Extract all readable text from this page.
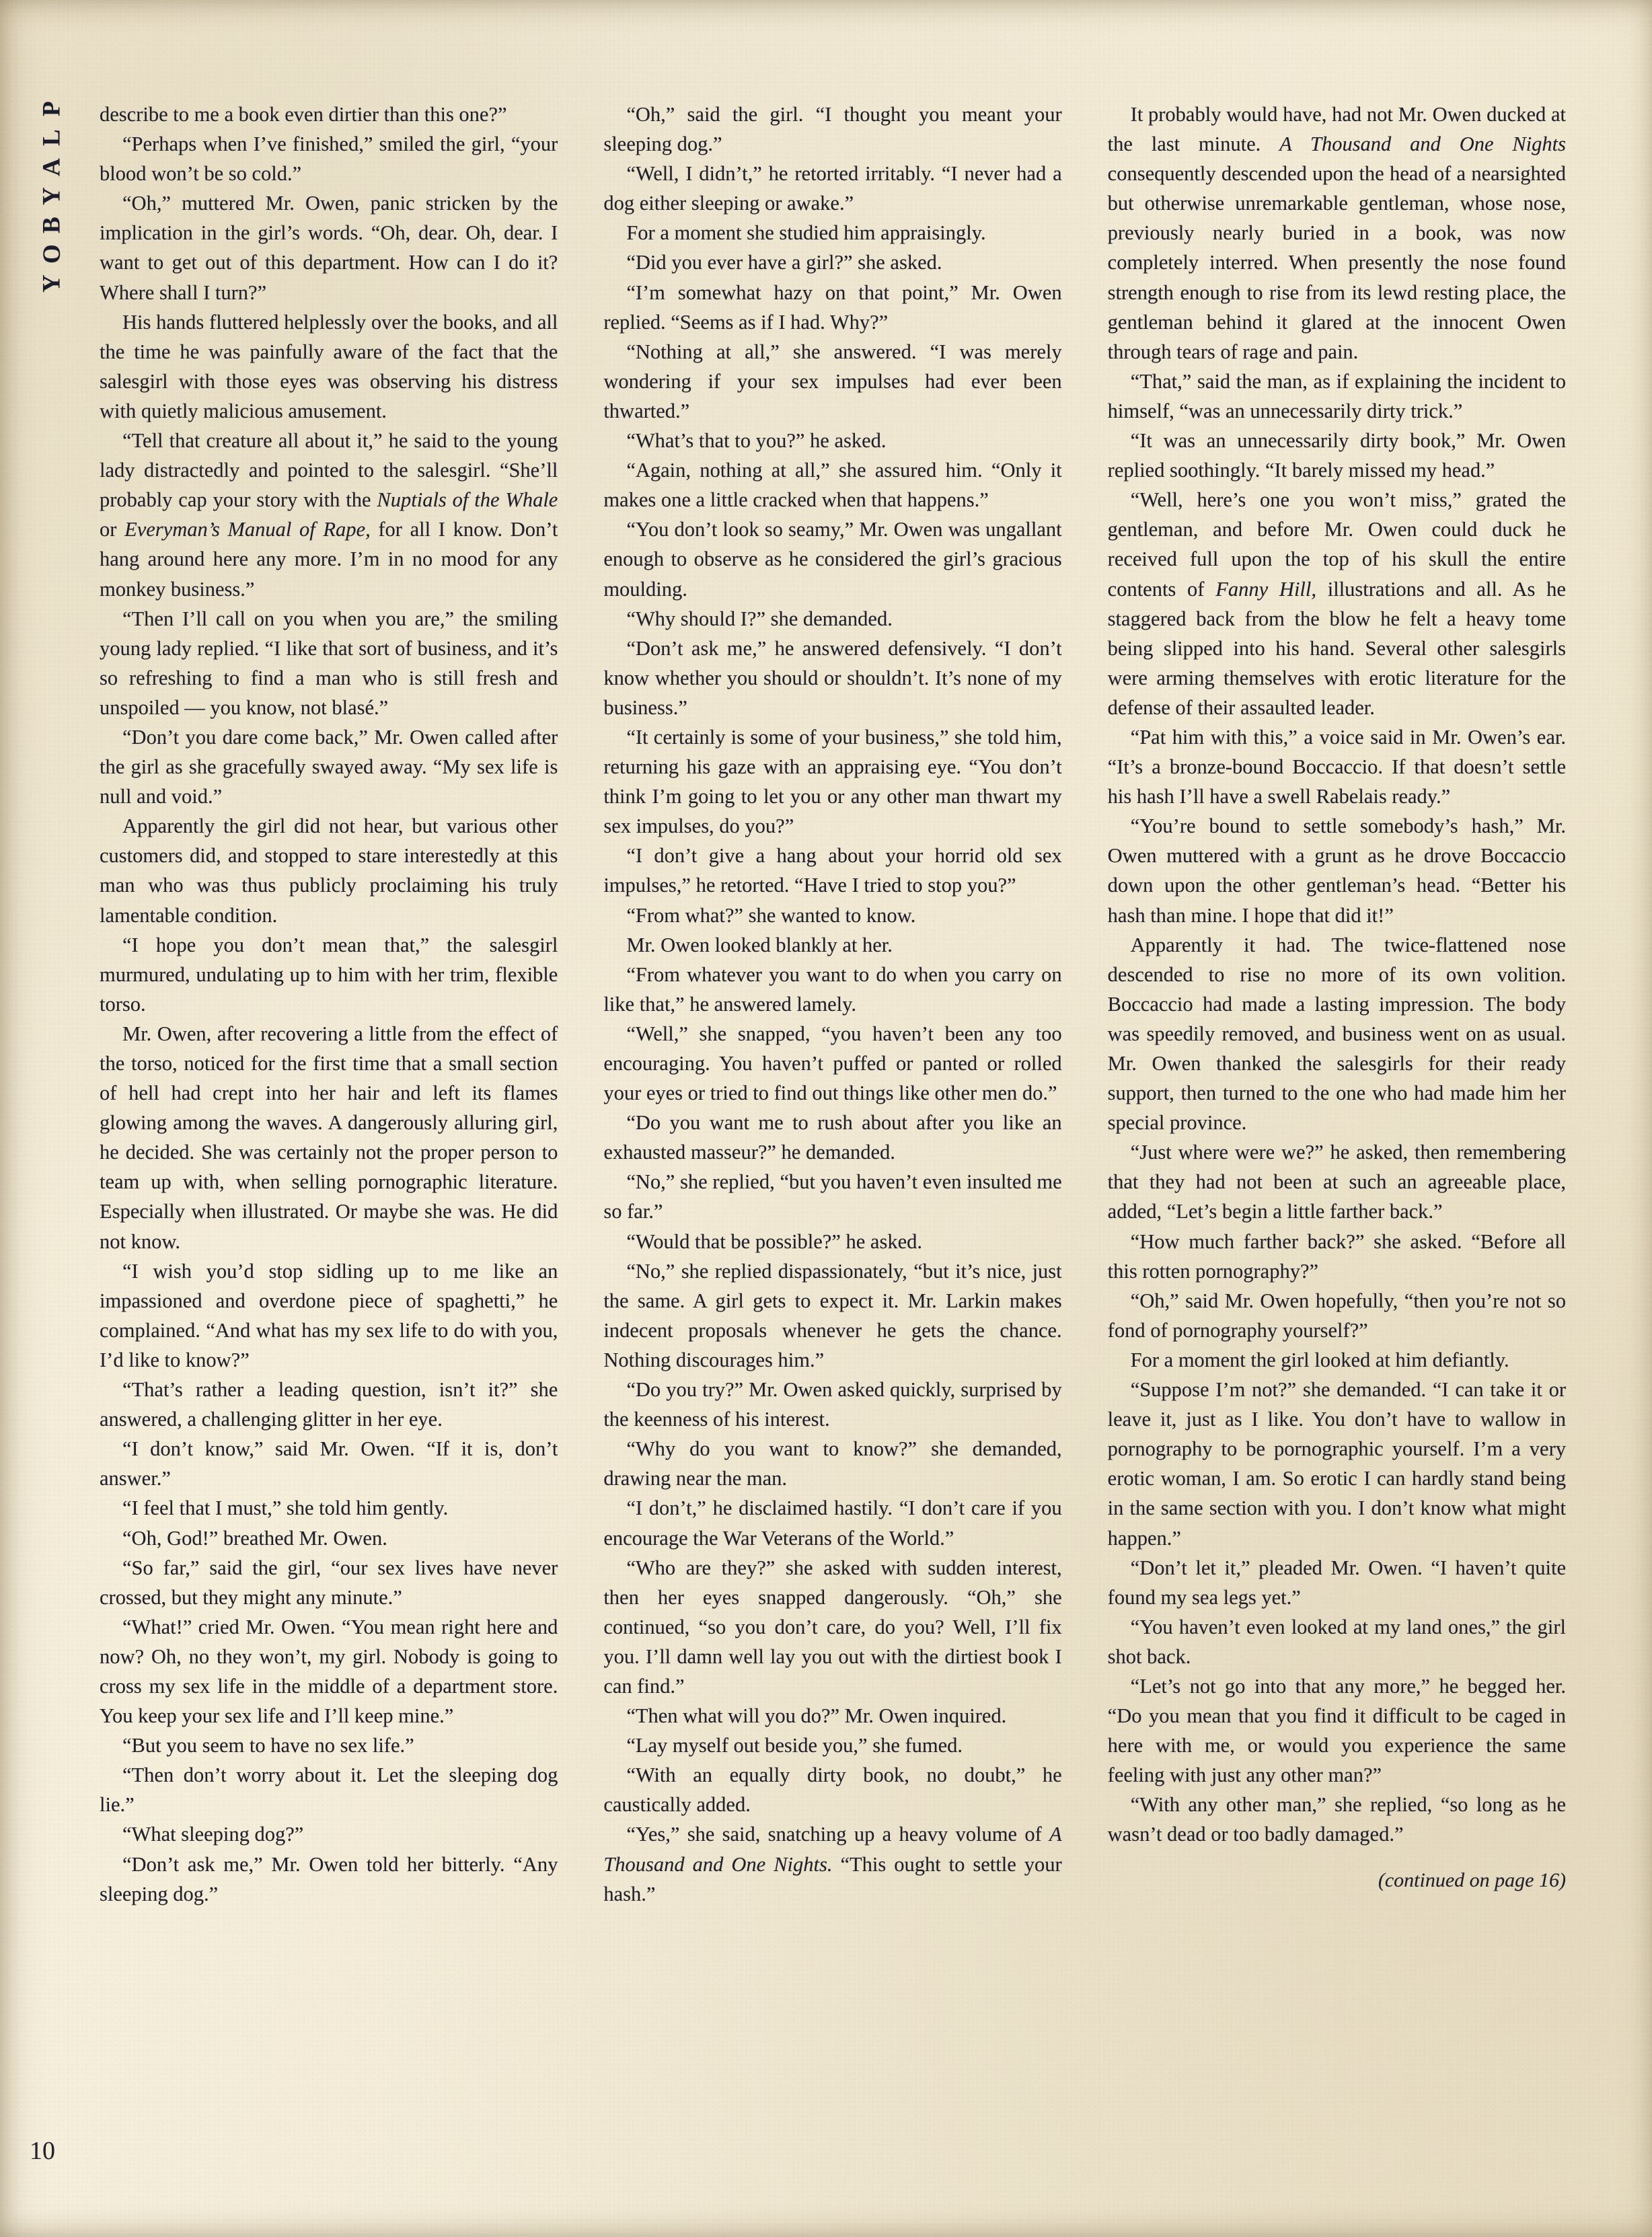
P
L
A
Y
B
O
Y

describe to me a book even dirtier than this one?”

“Perhaps when I’ve finished,” smiled the girl, “your blood won’t be so cold.”

“Oh,” muttered Mr. Owen, panic stricken by the implication in the girl’s words. “Oh, dear. Oh, dear. I want to get out of this department. How can I do it? Where shall I turn?”

His hands fluttered helplessly over the books, and all the time he was painfully aware of the fact that the salesgirl with those eyes was observing his distress with quietly malicious amusement.

“Tell that creature all about it,” he said to the young lady distractedly and pointed to the salesgirl. “She’ll probably cap your story with the Nuptials of the Whale or Everyman’s Manual of Rape, for all I know. Don’t hang around here any more. I’m in no mood for any monkey business.”

“Then I’ll call on you when you are,” the smiling young lady replied. “I like that sort of business, and it’s so refreshing to find a man who is still fresh and unspoiled — you know, not blasé.”

“Don’t you dare come back,” Mr. Owen called after the girl as she gracefully swayed away. “My sex life is null and void.”

Apparently the girl did not hear, but various other customers did, and stopped to stare interestedly at this man who was thus publicly proclaiming his truly lamentable condition.

“I hope you don’t mean that,” the salesgirl murmured, undulating up to him with her trim, flexible torso.

Mr. Owen, after recovering a little from the effect of the torso, noticed for the first time that a small section of hell had crept into her hair and left its flames glowing among the waves. A dangerously alluring girl, he decided. She was certainly not the proper person to team up with, when selling pornographic literature. Especially when illustrated. Or maybe she was. He did not know.

“I wish you’d stop sidling up to me like an impassioned and overdone piece of spaghetti,” he complained. “And what has my sex life to do with you, I’d like to know?”

“That’s rather a leading question, isn’t it?” she answered, a challenging glitter in her eye.

“I don’t know,” said Mr. Owen. “If it is, don’t answer.”

“I feel that I must,” she told him gently.

“Oh, God!” breathed Mr. Owen.

“So far,” said the girl, “our sex lives have never crossed, but they might any minute.”

“What!” cried Mr. Owen. “You mean right here and now? Oh, no they won’t, my girl. Nobody is going to cross my sex life in the middle of a department store. You keep your sex life and I’ll keep mine.”

“But you seem to have no sex life.”

“Then don’t worry about it. Let the sleeping dog lie.”

“What sleeping dog?”

“Don’t ask me,” Mr. Owen told her bitterly. “Any sleeping dog.”

“Oh,” said the girl. “I thought you meant your sleeping dog.”

“Well, I didn’t,” he retorted irritably. “I never had a dog either sleeping or awake.”

For a moment she studied him appraisingly.

“Did you ever have a girl?” she asked.

“I’m somewhat hazy on that point,” Mr. Owen replied. “Seems as if I had. Why?”

“Nothing at all,” she answered. “I was merely wondering if your sex impulses had ever been thwarted.”

“What’s that to you?” he asked.

“Again, nothing at all,” she assured him. “Only it makes one a little cracked when that happens.”

“You don’t look so seamy,” Mr. Owen was ungallant enough to observe as he considered the girl’s gracious moulding.

“Why should I?” she demanded.

“Don’t ask me,” he answered defensively. “I don’t know whether you should or shouldn’t. It’s none of my business.”

“It certainly is some of your business,” she told him, returning his gaze with an appraising eye. “You don’t think I’m going to let you or any other man thwart my sex impulses, do you?”

“I don’t give a hang about your horrid old sex impulses,” he retorted. “Have I tried to stop you?”

“From what?” she wanted to know.

Mr. Owen looked blankly at her.

“From whatever you want to do when you carry on like that,” he answered lamely.

“Well,” she snapped, “you haven’t been any too encouraging. You haven’t puffed or panted or rolled your eyes or tried to find out things like other men do.”

“Do you want me to rush about after you like an exhausted masseur?” he demanded.

“No,” she replied, “but you haven’t even insulted me so far.”

“Would that be possible?” he asked.

“No,” she replied dispassionately, “but it’s nice, just the same. A girl gets to expect it. Mr. Larkin makes indecent proposals whenever he gets the chance. Nothing discourages him.”

“Do you try?” Mr. Owen asked quickly, surprised by the keenness of his interest.

“Why do you want to know?” she demanded, drawing near the man.

“I don’t,” he disclaimed hastily. “I don’t care if you encourage the War Veterans of the World.”

“Who are they?” she asked with sudden interest, then her eyes snapped dangerously. “Oh,” she continued, “so you don’t care, do you? Well, I’ll fix you. I’ll damn well lay you out with the dirtiest book I can find.”

“Then what will you do?” Mr. Owen inquired.

“Lay myself out beside you,” she fumed.

“With an equally dirty book, no doubt,” he caustically added.

“Yes,” she said, snatching up a heavy volume of A Thousand and One Nights. “This ought to settle your hash.”

It probably would have, had not Mr. Owen ducked at the last minute. A Thousand and One Nights consequently descended upon the head of a nearsighted but otherwise unremarkable gentleman, whose nose, previously nearly buried in a book, was now completely interred. When presently the nose found strength enough to rise from its lewd resting place, the gentleman behind it glared at the innocent Owen through tears of rage and pain.

“That,” said the man, as if explaining the incident to himself, “was an unnecessarily dirty trick.”

“It was an unnecessarily dirty book,” Mr. Owen replied soothingly. “It barely missed my head.”

“Well, here’s one you won’t miss,” grated the gentleman, and before Mr. Owen could duck he received full upon the top of his skull the entire contents of Fanny Hill, illustrations and all. As he staggered back from the blow he felt a heavy tome being slipped into his hand. Several other salesgirls were arming themselves with erotic literature for the defense of their assaulted leader.

“Pat him with this,” a voice said in Mr. Owen’s ear. “It’s a bronze-bound Boccaccio. If that doesn’t settle his hash I’ll have a swell Rabelais ready.”

“You’re bound to settle somebody’s hash,” Mr. Owen muttered with a grunt as he drove Boccaccio down upon the other gentleman’s head. “Better his hash than mine. I hope that did it!”

Apparently it had. The twice-flattened nose descended to rise no more of its own volition. Boccaccio had made a lasting impression. The body was speedily removed, and business went on as usual. Mr. Owen thanked the salesgirls for their ready support, then turned to the one who had made him her special province.

“Just where were we?” he asked, then remembering that they had not been at such an agreeable place, added, “Let’s begin a little farther back.”

“How much farther back?” she asked. “Before all this rotten pornography?”

“Oh,” said Mr. Owen hopefully, “then you’re not so fond of pornography yourself?”

For a moment the girl looked at him defiantly.

“Suppose I’m not?” she demanded. “I can take it or leave it, just as I like. You don’t have to wallow in pornography to be pornographic yourself. I’m a very erotic woman, I am. So erotic I can hardly stand being in the same section with you. I don’t know what might happen.”

“Don’t let it,” pleaded Mr. Owen. “I haven’t quite found my sea legs yet.”

“You haven’t even looked at my land ones,” the girl shot back.

“Let’s not go into that any more,” he begged her. “Do you mean that you find it difficult to be caged in here with me, or would you experience the same feeling with just any other man?”

“With any other man,” she replied, “so long as he wasn’t dead or too badly damaged.”

(continued on page 16)
10
